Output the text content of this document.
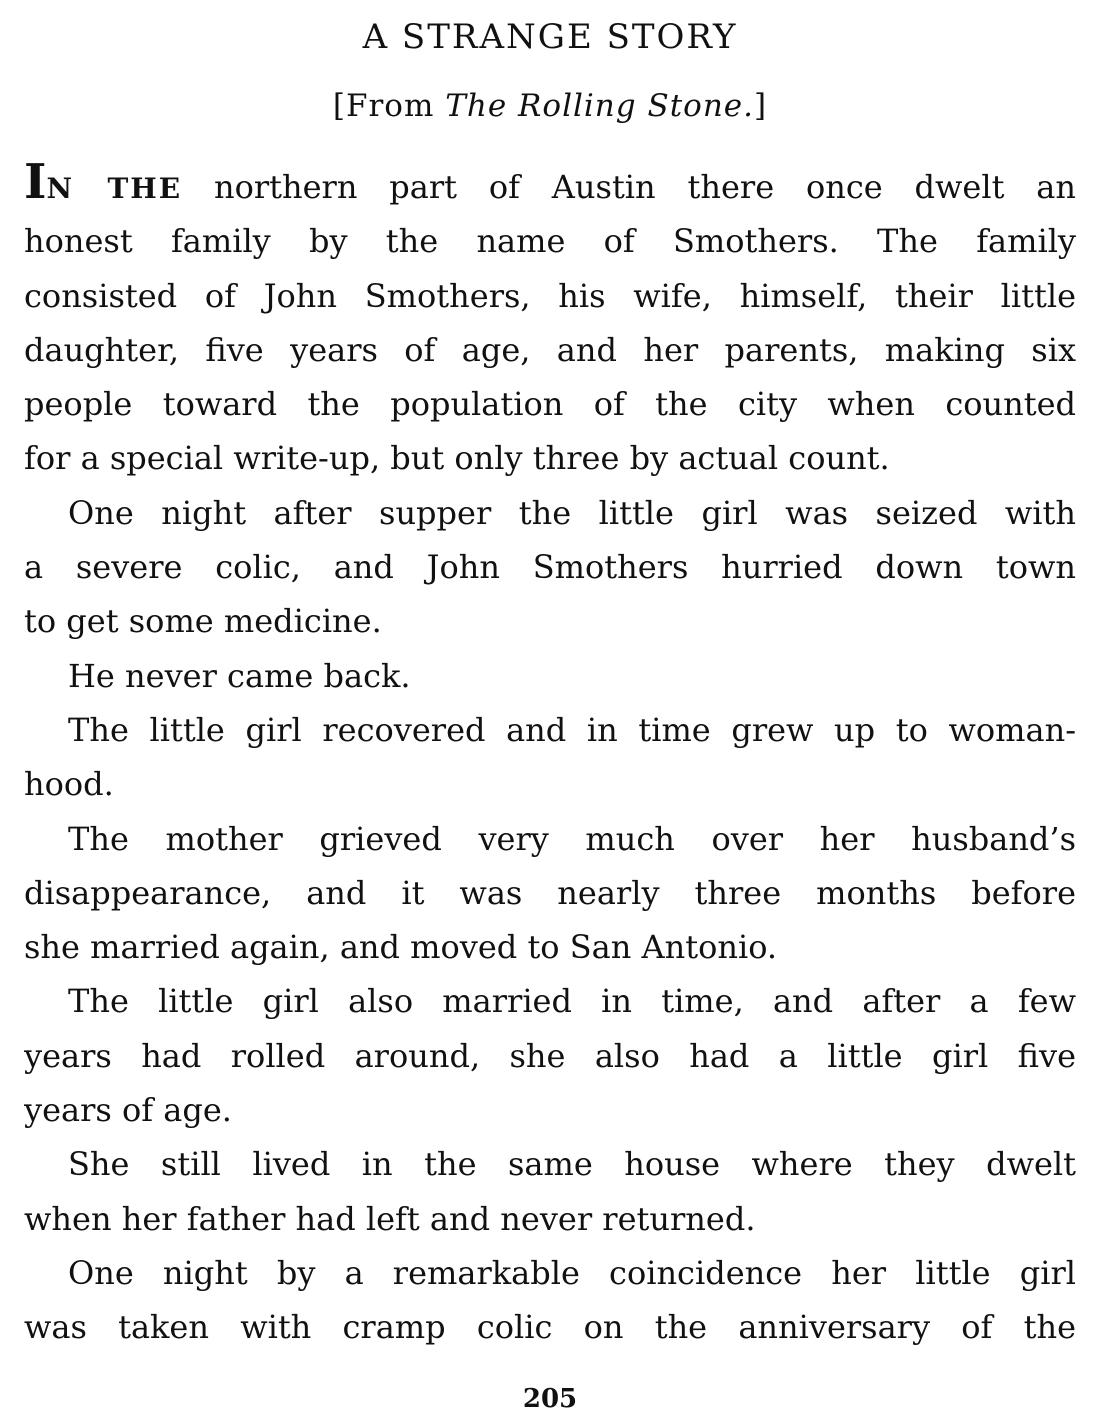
A STRANGE STORY
[From The Rolling Stone.]
IN THE northern part of Austin there once dwelt an
honest family by the name of Smothers. The family
consisted of John Smothers, his wife, himself, their little
daughter, five years of age, and her parents, making six
people toward the population of the city when counted
for a special write-up, but only three by actual count.
One night after supper the little girl was seized with
a severe colic, and John Smothers hurried down town
to get some medicine.
He never came back.
The little girl recovered and in time grew up to woman-
hood.
The mother grieved very much over her husband’s
disappearance, and it was nearly three months before
she married again, and moved to San Antonio.
The little girl also married in time, and after a few
years had rolled around, she also had a little girl five
years of age.
She still lived in the same house where they dwelt
when her father had left and never returned.
One night by a remarkable coincidence her little girl
was taken with cramp colic on the anniversary of the
205
